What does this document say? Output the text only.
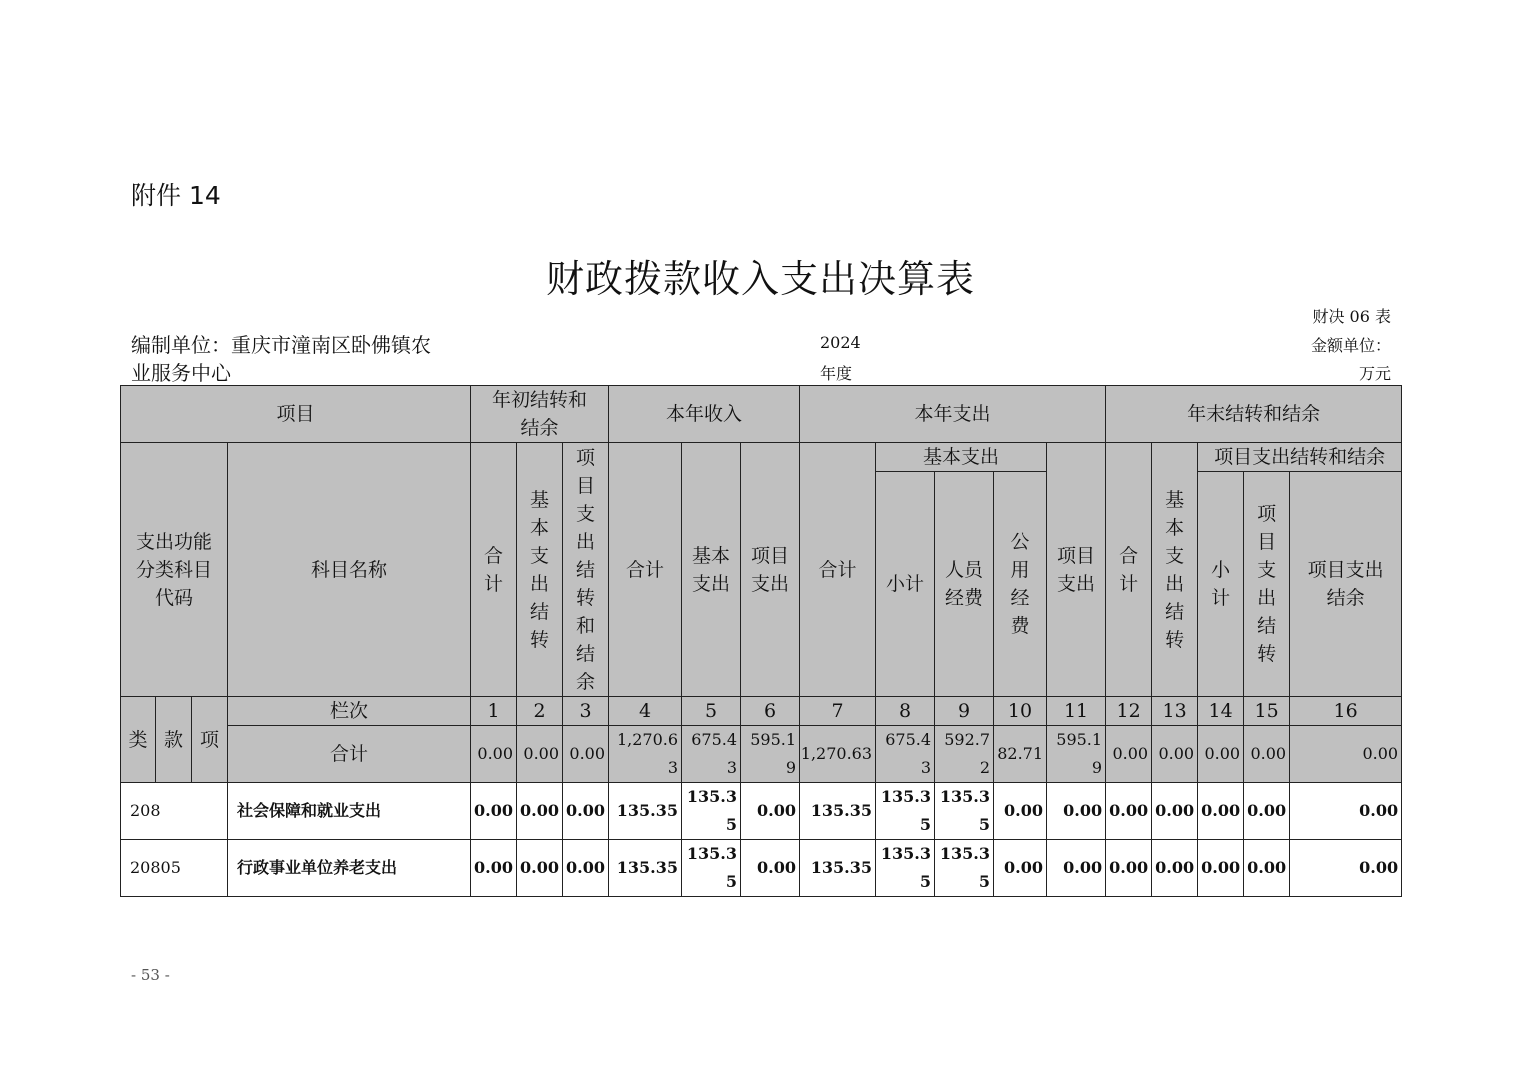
附件 14
财政拨款收入支出决算表
财决 06 表
编制单位：重庆市潼南区卧佛镇农
业服务中心
2024
年度
金额单位：
万元
项目				年初结转和结余			本年收入			本年支出					年末结转和结余				
支出功能分类科目代码			科目名称	合计	基本支出结转	项目支出结转和结余	合计	基本支出	项目支出	合计	基本支出			项目支出	合计	基本支出结转	项目支出结转和结余		
											小计	人员经费	公用经费				小计	项目支出结转	项目支出结余
类	款	项	栏次	1	2	3	4	5	6	7	8	9	10	11	12	13	14	15	16
			合计	0.00	0.00	0.00	1,270.63	675.43	595.19	1,270.63	675.43	592.72	82.71	595.19	0.00	0.00	0.00	0.00	0.00
208			社会保障和就业支出	0.00	0.00	0.00	135.35	135.35	0.00	135.35	135.35	135.35	0.00	0.00	0.00	0.00	0.00	0.00	0.00
20805			行政事业单位养老支出	0.00	0.00	0.00	135.35	135.35	0.00	135.35	135.35	135.35	0.00	0.00	0.00	0.00	0.00	0.00	0.00
- 53 -
